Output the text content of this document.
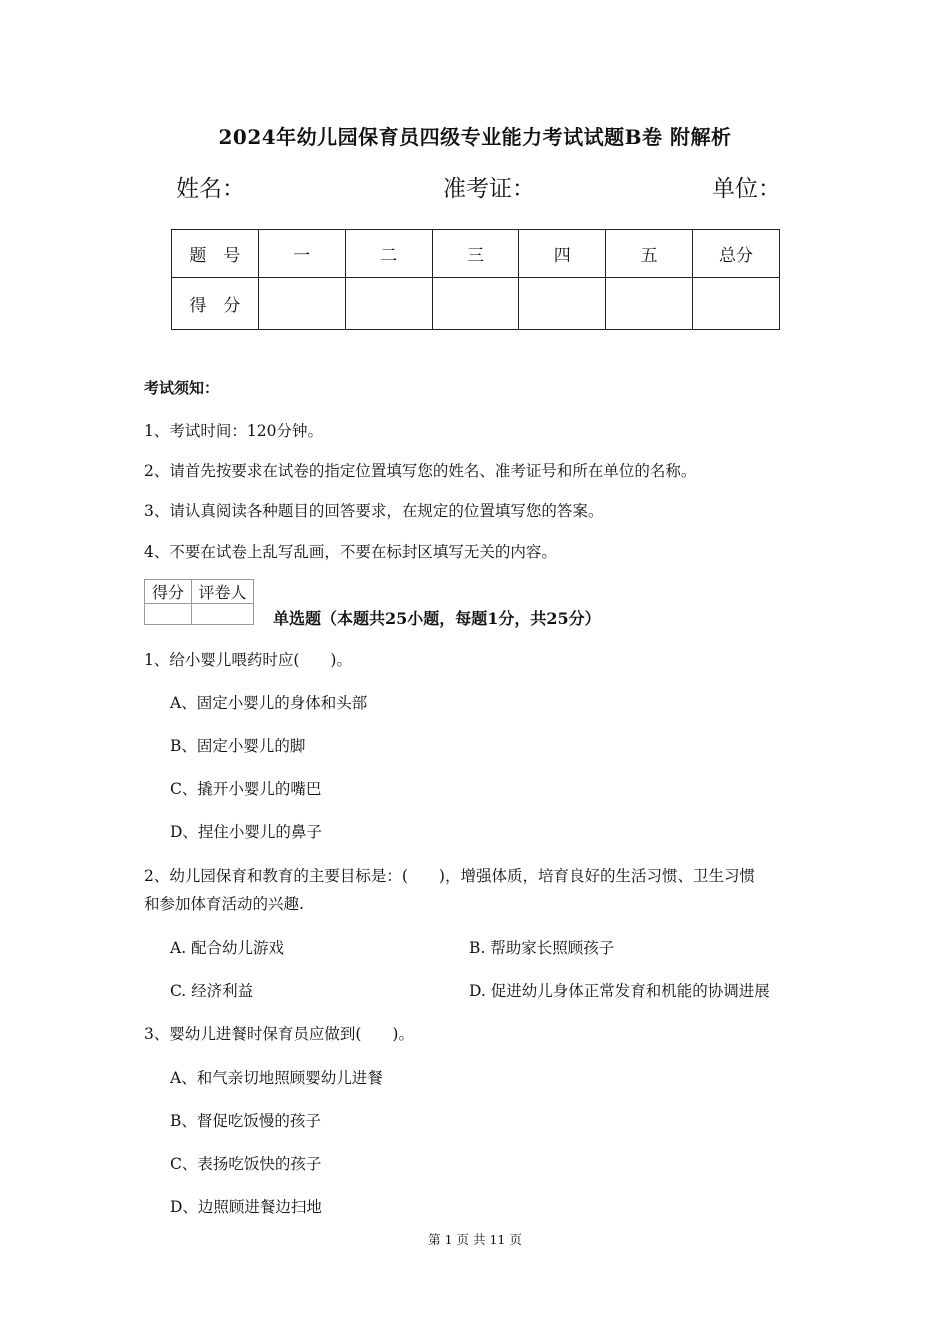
2024年幼儿园保育员四级专业能力考试试题B卷 附解析
姓名：	准考证：	单位：
题　号	一	二	三	四	五	总分
得　分						
考试须知：
1、考试时间：120分钟。
2、请首先按要求在试卷的指定位置填写您的姓名、准考证号和所在单位的名称。
3、请认真阅读各种题目的回答要求，在规定的位置填写您的答案。
4、不要在试卷上乱写乱画，不要在标封区填写无关的内容。
得分	评卷人

单选题（本题共25小题，每题1分，共25分）
1、给小婴儿喂药时应(　　)。
A、固定小婴儿的身体和头部
B、固定小婴儿的脚
C、撬开小婴儿的嘴巴
D、捏住小婴儿的鼻子
2、幼儿园保育和教育的主要目标是：(　　)，增强体质，培育良好的生活习惯、卫生习惯
和参加体育活动的兴趣.
A. 配合幼儿游戏	B. 帮助家长照顾孩子
C. 经济利益	D. 促进幼儿身体正常发育和机能的协调进展
3、婴幼儿进餐时保育员应做到(　　)。
A、和气亲切地照顾婴幼儿进餐
B、督促吃饭慢的孩子
C、表扬吃饭快的孩子
D、边照顾进餐边扫地
第 1 页 共 11 页
